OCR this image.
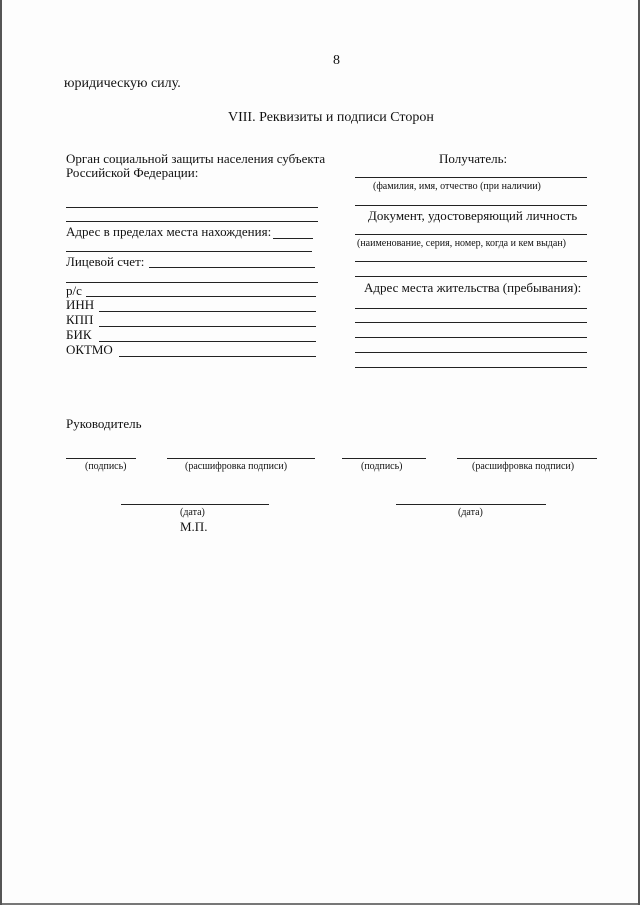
8
юридическую силу.
VIII. Реквизиты и подписи Сторон
Орган социальной защиты населения субъекта
Российской Федерации:
Адрес в пределах места нахождения:
Лицевой счет:
р/с
ИНН
КПП
БИК
ОКТМО
Получатель:
(фамилия, имя, отчество (при наличии)
Документ, удостоверяющий личность
(наименование, серия, номер, когда и кем выдан)
Адрес места жительства (пребывания):
Руководитель
(подпись)	(расшифровка подписи)	(подпись)	(расшифровка подписи)
(дата)
М.П.
(дата)
